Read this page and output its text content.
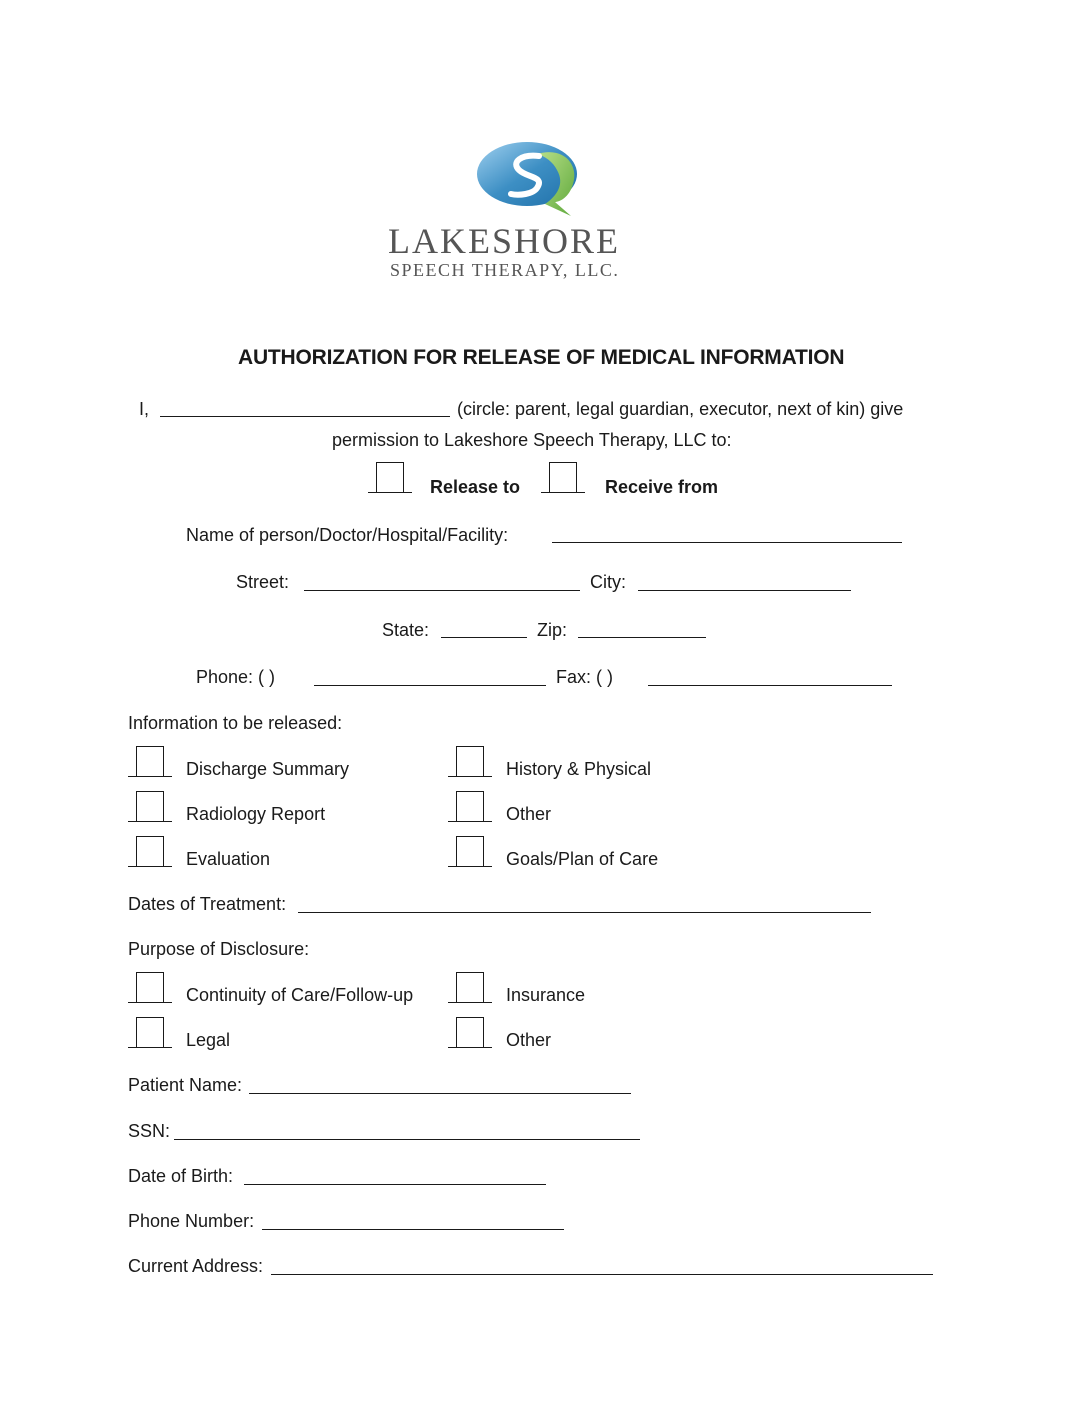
LAKESHORE
SPEECH THERAPY, LLC.
AUTHORIZATION FOR RELEASE OF MEDICAL INFORMATION
I,	(circle: parent, legal guardian, executor, next of kin) give
permission to Lakeshore Speech Therapy, LLC to:
Release to	Receive from
Name of person/Doctor/Hospital/Facility:
Street:	City:
State:	Zip:
Phone: ( )	Fax: ( )
Information to be released:
Discharge Summary	History & Physical
Radiology Report	Other
Evaluation	Goals/Plan of Care
Dates of Treatment:
Purpose of Disclosure:
Continuity of Care/Follow-up	Insurance
Legal	Other
Patient Name:
SSN:
Date of Birth:
Phone Number:
Current Address:
